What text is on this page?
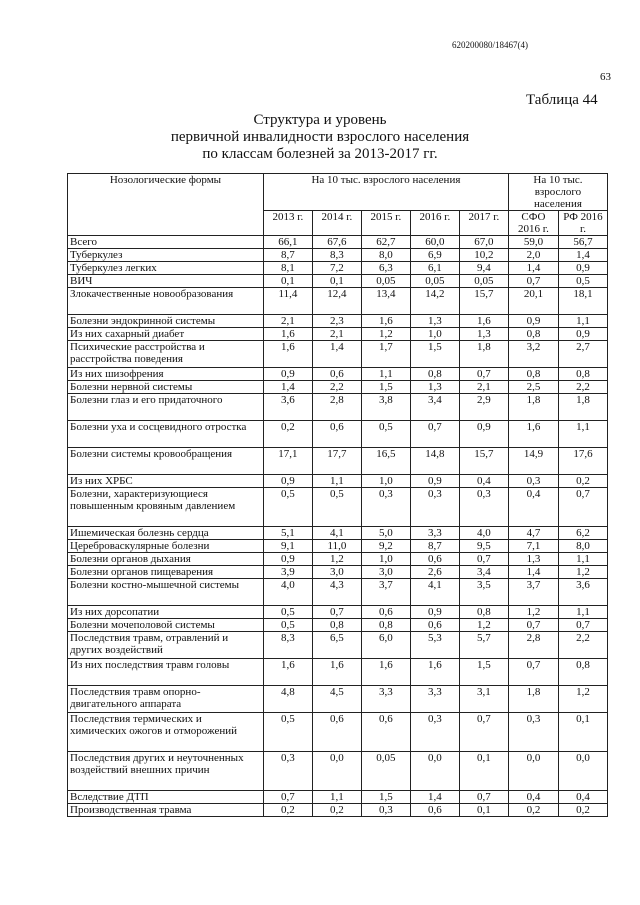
620200080/18467(4)
63
Таблица 44
Структура и уровень
первичной инвалидности взрослого населения
по классам болезней за 2013-2017 гг.
Нозологические формы	На 10 тыс. взрослого населения					На 10 тыс. взрослого населения	
	2013 г.	2014 г.	2015 г.	2016 г.	2017 г.	СФО 2016 г.	РФ 2016 г.
Всего	66,1	67,6	62,7	60,0	67,0	59,0	56,7
Туберкулез	8,7	8,3	8,0	6,9	10,2	2,0	1,4
Туберкулез легких	8,1	7,2	6,3	6,1	9,4	1,4	0,9
ВИЧ	0,1	0,1	0,05	0,05	0,05	0,7	0,5
Злокачественные новообразования	11,4	12,4	13,4	14,2	15,7	20,1	18,1
Болезни эндокринной системы	2,1	2,3	1,6	1,3	1,6	0,9	1,1
Из них сахарный диабет	1,6	2,1	1,2	1,0	1,3	0,8	0,9
Психические расстройства и расстройства поведения	1,6	1,4	1,7	1,5	1,8	3,2	2,7
Из них шизофрения	0,9	0,6	1,1	0,8	0,7	0,8	0,8
Болезни нервной системы	1,4	2,2	1,5	1,3	2,1	2,5	2,2
Болезни глаз и его придаточного	3,6	2,8	3,8	3,4	2,9	1,8	1,8
Болезни уха и сосцевидного отростка	0,2	0,6	0,5	0,7	0,9	1,6	1,1
Болезни системы кровообращения	17,1	17,7	16,5	14,8	15,7	14,9	17,6
Из них ХРБС	0,9	1,1	1,0	0,9	0,4	0,3	0,2
Болезни, характеризующиеся повышенным кровяным давлением	0,5	0,5	0,3	0,3	0,3	0,4	0,7
Ишемическая болезнь сердца	5,1	4,1	5,0	3,3	4,0	4,7	6,2
Цереброваскулярные болезни	9,1	11,0	9,2	8,7	9,5	7,1	8,0
Болезни органов дыхания	0,9	1,2	1,0	0,6	0,7	1,3	1,1
Болезни органов пищеварения	3,9	3,0	3,0	2,6	3,4	1,4	1,2
Болезни костно-мышечной системы	4,0	4,3	3,7	4,1	3,5	3,7	3,6
Из них дорсопатии	0,5	0,7	0,6	0,9	0,8	1,2	1,1
Болезни мочеполовой системы	0,5	0,8	0,8	0,6	1,2	0,7	0,7
Последствия травм, отравлений и других воздействий	8,3	6,5	6,0	5,3	5,7	2,8	2,2
Из них последствия травм головы	1,6	1,6	1,6	1,6	1,5	0,7	0,8
Последствия травм опорно-двигательного аппарата	4,8	4,5	3,3	3,3	3,1	1,8	1,2
Последствия термических и химических ожогов и отморожений	0,5	0,6	0,6	0,3	0,7	0,3	0,1
Последствия других и неуточненных воздействий внешних причин	0,3	0,0	0,05	0,0	0,1	0,0	0,0
Вследствие ДТП	0,7	1,1	1,5	1,4	0,7	0,4	0,4
Производственная травма	0,2	0,2	0,3	0,6	0,1	0,2	0,2
